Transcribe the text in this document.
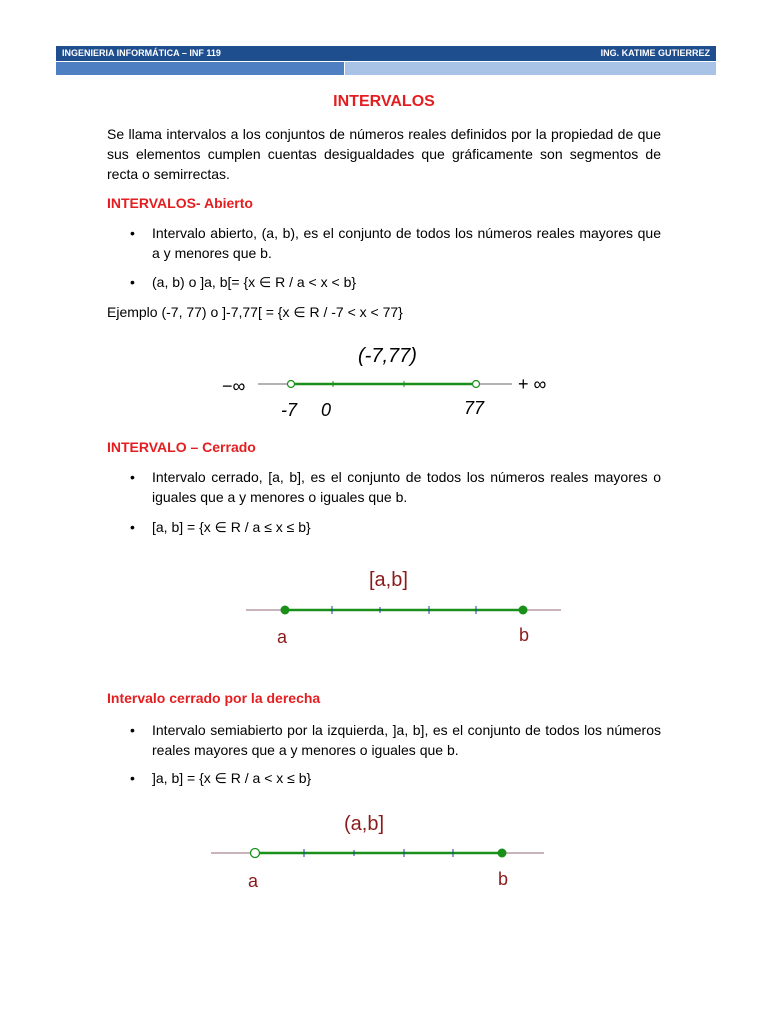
INGENIERIA INFORMÁTICA – INF 119	ING. KATIME GUTIERREZ
INTERVALOS
Se llama intervalos a los conjuntos de números reales definidos por la propiedad de que sus elementos cumplen cuentas desigualdades que gráficamente son segmentos de recta o semirrectas.
INTERVALOS- Abierto
• Intervalo abierto, (a, b), es el conjunto de todos los números reales mayores que a y menores que b.
• (a, b) o ]a, b[= {x ∈ R / a < x < b}
Ejemplo (-7, 77) o ]-7,77[ = {x ∈ R / -7 < x < 77}
(-7,77)
−∞	+ ∞
-7 0	77
INTERVALO – Cerrado
• Intervalo cerrado, [a, b], es el conjunto de todos los números reales mayores o iguales que a y menores o iguales que b.
• [a, b] = {x ∈ R / a ≤ x ≤ b}
[a,b]
a	b
Intervalo cerrado por la derecha
• Intervalo semiabierto por la izquierda, ]a, b], es el conjunto de todos los números reales mayores que a y menores o iguales que b.
• ]a, b] = {x ∈ R / a < x ≤ b}
(a,b]
a	b
